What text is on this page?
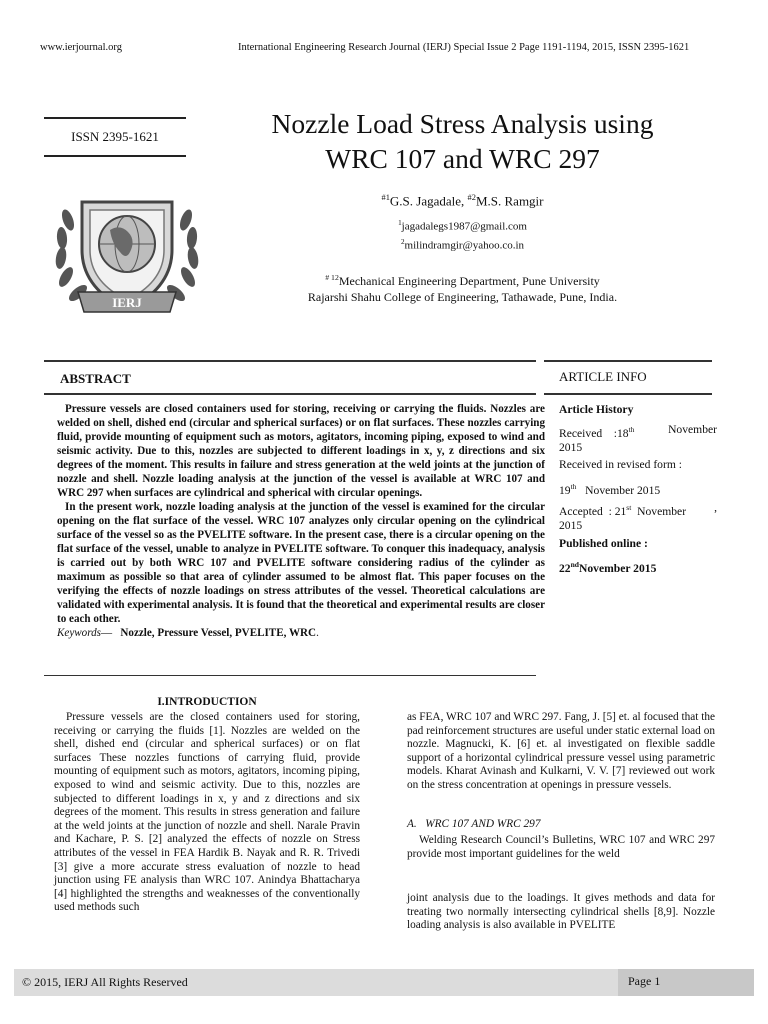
www.ierjournal.org	International Engineering Research Journal (IERJ) Special Issue 2 Page 1191-1194, 2015, ISSN 2395-1621
ISSN 2395-1621
IERJ
Nozzle Load Stress Analysis using
WRC 107 and WRC 297
$^{\#1}$G.S. Jagadale, $^{\#2}$M.S. Ramgir
$^1$jagadalegs1987@gmail.com
$^2$milindramgir@yahoo.co.in
$^{\# 12}$Mechanical Engineering Department, Pune University
Rajarshi Shahu College of Engineering, Tathawade, Pune, India.
ABSTRACT	ARTICLE INFO

Pressure vessels are closed containers used for storing, receiving or carrying the fluids. Nozzles are welded on shell, dished end (circular and spherical surfaces) or on flat surfaces. These nozzles carrying fluid, provide mounting of equipment such as motors, agitators, incoming piping, exposed to wind and seismic activity. Due to this, nozzles are subjected to different loadings in x, y, z directions and six degrees of the moment. This results in failure and stress generation at the weld joints at the junction of nozzle and shell. Nozzle loading analysis at the junction of the vessel is available at WRC 107 and WRC 297 when surfaces are cylindrical and spherical with circular openings.

In the present work, nozzle loading analysis at the junction of the vessel is examined for the circular opening on the flat surface of the vessel. WRC 107 analyzes only circular opening on the cylindrical surface of the vessel so as the PVELITE software. In the present case, there is a circular opening on the flat surface of the vessel, unable to analyze in PVELITE software. To conquer this inadequacy, analysis is carried out by both WRC 107 and PVELITE software considering radius of the cylinder as maximum as possible so that area of cylinder assumed to be almost flat. This paper focuses on the verifying the effects of nozzle loadings on stress attributes of the vessel. Theoretical calculations are validated with experimental analysis. It is found that the theoretical and experimental results are closer to each other.

Keywords— Nozzle, Pressure Vessel, PVELITE, WRC.
Article History
Received :18th	November
2015
Received in revised form :
19th November 2015
Accepted : 21st November ,
2015
Published online :
22ndNovember 2015
I.INTRODUCTION
Pressure vessels are the closed containers used for storing, receiving or carrying the fluids [1]. Nozzles are welded on the shell, dished end (circular and spherical surfaces) or on flat surfaces These nozzles functions of carrying fluid, provide mounting of equipment such as motors, agitators, incoming piping, exposed to wind and seismic activity. Due to this, nozzles are subjected to different loadings in x, y and z directions and six degrees of the moment. This results in stress generation and failure at the weld joints at the junction of nozzle and shell. Narale Pravin and Kachare, P. S. [2] analyzed the effects of nozzle on Stress attributes of the vessel in FEA Hardik B. Nayak and R. R. Trivedi [3] give a more accurate stress evaluation of nozzle to head junction using FE analysis than WRC 107. Anindya Bhattacharya [4] highlighted the strengths and weaknesses of the conventionally used methods such
as FEA, WRC 107 and WRC 297. Fang, J. [5] et. al focused that the pad reinforcement structures are useful under static external load on nozzle. Magnucki, K. [6] et. al investigated on flexible saddle support of a horizontal cylindrical pressure vessel using parametric models. Kharat Avinash and Kulkarni, V. V. [7] reviewed out work on the stress concentration at openings in pressure vessels.
A.   WRC 107 AND WRC 297
Welding Research Council’s Bulletins, WRC 107 and WRC 297 provide most important guidelines for the weld
joint analysis due to the loadings. It gives methods and data for treating two normally intersecting cylindrical shells [8,9]. Nozzle loading analysis is also available in PVELITE
© 2015, IERJ All Rights Reserved	Page 1
